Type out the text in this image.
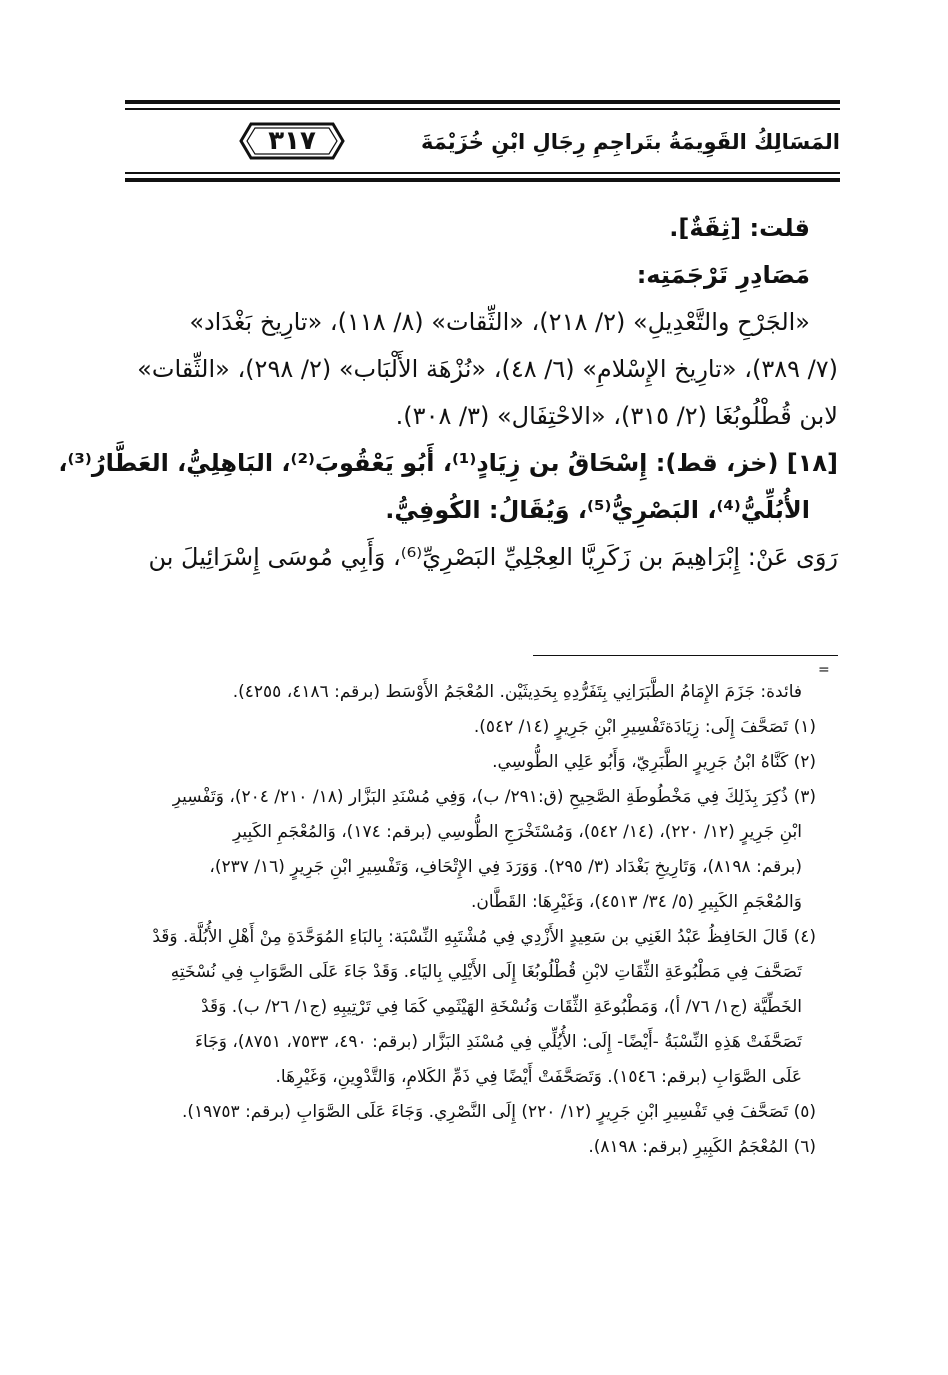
٣١٧	المَسَالِكُ القَوِيمَةُ بتَراجِمِ رِجَالِ ابْنِ خُزَيْمَةَ
قلت: [ثِقَةٌ].
مَصَادِرِ تَرْجَمَتِه:
«الجَرْحِ والتَّعْدِيلِ» (٢/ ٢١٨)، «الثِّقات» (٨/ ١١٨)، «تارِيخ بَغْدَاد»
(٧/ ٣٨٩)، «تارِيخ الإِسْلامِ» (٦/ ٤٨)، «نُزْهَة الأَلْبَاب» (٢/ ٢٩٨)، «الثِّقات»
لابن قُطْلُوبُغَا (٢/ ٣١٥)، «الاحْتِفَال» (٣/ ٣٠٨).
[١٨] (خز، قط): إِسْحَاقُ بن زِيَادٍ⁽¹⁾، أَبُو يَعْقُوبَ⁽²⁾، البَاهِلِيُّ، العَطَّارُ⁽³⁾،
الأُبُلِّيُّ⁽⁴⁾، البَصْرِيُّ⁽⁵⁾، وَيُقَالُ: الكُوفِيُّ.
رَوَى عَنْ: إِبْرَاهِيمَ بن زَكَرِيَّا العِجْلِيِّ البَصْرِيِّ⁽⁶⁾، وَأَبِي مُوسَى إِسْرَائِيلَ بن
=
فائدة: جَزَمَ الإِمَامُ الطَّبَرَانِي بِتَفَرُّدِهِ بِحَدِيثَيْن. المُعْجَمُ الأَوْسَط (برقم: ٤١٨٦، ٤٢٥٥).
(١) تَصَحَّفَ إِلَى: زِيَادَةتَفْسِيرِ ابْنِ جَرِيرٍ (١٤/ ٥٤٢).
(٢) كَنَّاهُ ابْنُ جَرِيرٍ الطَّبَرِيّ، وَأَبُو عَلِي الطُّوسِي.
(٣) ذُكِرَ بِذَلِكَ فِي مَخْطُوطَةِ الصَّحِيحِ (ق:٢٩١/ ب)، وَفِي مُسْنَدِ البَزَّار (١٨/ ٢١٠/ ٢٠٤)، وَتَفْسِيرِ
ابْنِ جَرِيرٍ (١٢/ ٢٢٠)، (١٤/ ٥٤٢)، وَمُسْتَخْرَجِ الطُّوسِي (برقم: ١٧٤)، وَالمُعْجَمِ الكَبِيرِ
(برقم: ٨١٩٨)، وَتَارِيخِ بَغْدَاد (٣/ ٢٩٥). وَوَرَدَ فِي الإِتْحَافِ، وَتَفْسِيرِ ابْنِ جَرِيرٍ (١٦/ ٢٣٧)،
وَالمُعْجَمِ الكَبِيرِ (٥/ ٣٤/ ٤٥١٣)، وَغَيْرِهَا: القَطَّان.
(٤) قَالَ الحَافِظُ عَبْدُ الغَنِي بن سَعِيدٍ الأَزْدِي فِي مُشْتَبِهِ النِّسْبَة: بِالبَاءِ المُوَحَّدَةِ مِنْ أَهْلِ الأُبُلَّة. وَقَدْ
تَصَحَّفَ فِي مَطْبُوعَةِ الثِّقَاتِ لابْنِ قُطْلُوبُغَا إِلَى الأَيْلِي بِاليَاء. وَقَدْ جَاءَ عَلَى الصَّوَابِ فِي نُسْخَتِهِ
الخَطِّيَّة (ج١/ ٧٦/ أ)، وَمَطْبُوعَةِ الثِّقَات وَنُسْخَةِ الهَيْثَمِي كَمَا فِي تَرْتِيبِهِ (ج١/ ٢٦/ ب). وَقَدْ
تَصَحَّفَتْ هَذِهِ النِّسْبَةُ -أَيْضًا- إِلَى: الأُيُلِّي فِي مُسْنَدِ البَزَّار (برقم: ٤٩٠، ٧٥٣٣، ٨٧٥١)، وَجَاءَ
عَلَى الصَّوَابِ (برقم: ١٥٤٦). وَتَصَحَّفَتْ أَيْضًا فِي ذَمِّ الكَلامِ، وَالتَّدْوِينِ، وَغَيْرِهَا.
(٥) تَصَحَّفَ فِي تَفْسِيرِ ابْنِ جَرِيرٍ (١٢/ ٢٢٠) إِلَى النَّصْرِي. وَجَاءَ عَلَى الصَّوَابِ (برقم: ١٩٧٥٣).
(٦) المُعْجَمُ الكَبِيرِ (برقم: ٨١٩٨).
